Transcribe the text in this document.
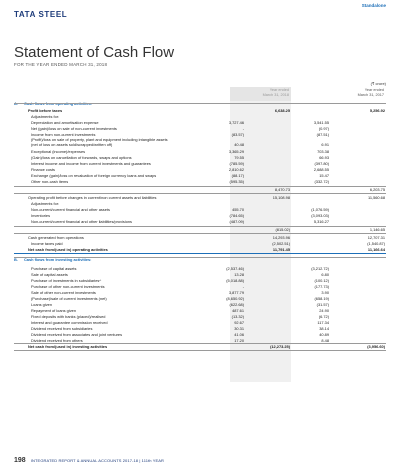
TATA STEEL
Standalone
Statement of Cash Flow
FOR THE YEAR ENDED MARCH 31, 2018
(₹ crore)
Year ended
March 31, 2018
Year ended
March 31, 2017
A. Cash flows from operating activities:
Profit before taxes	6,638.25	5,256.92
Adjustments for:
Depreciation and amortisation expense	3,727.46	3,541.55
Net (gain)/loss on sale of non-current investments	-	(0.97)
Income from non-current investments	(83.57)	(87.51)
(Profit)/loss on sale of property, plant and equipment including intangible assets
(net of loss on assets sold/scrapped/written off)	40.48	6.91
Exceptional (income)/expenses	3,365.29	703.38
(Gain)/loss on cancellation of forwards, swaps and options	79.55	66.93
Interest income and income from current investments and guarantees	(785.59)	(397.80)
Finance costs	2,810.62	2,688.55
Exchange (gain)/loss on revaluation of foreign currency loans and swaps	(88.17)	15.47
Other non-cash items	(595.35)	(332.72)
8,470.73	6,203.75
Operating profit before changes in current/non current assets and liabilities	15,108.98	11,560.68
Adjustments for:
Non-current/current financial and other assets	455.70	(1,076.59)
Inventories	(784.65)	(3,093.03)
Non-current/current financial and other liabilities/provisions	(487.09)	5,316.27
(815.02)	1,146.65
Cash generated from operations	14,293.96	12,707.31
Income taxes paid	(2,502.51)	(1,540.87)
Net cash from/(used in) operating activities	11,791.45	11,166.64
B. Cash flows from investing activities:
Purchase of capital assets	(2,537.46)	(3,212.72)
Sale of capital assets	13.28	6.80
Purchase of investments in subsidiaries^	(5,018.88)	(100.12)
Purchase of other non-current investments	-	(177.73)
Sale of other non-current investments	3,877.79	3.90
(Purchase)/sale of current investments (net)	(8,650.92)	(658.19)
Loans given	(622.68)	(31.57)
Repayment of loans given	487.61	24.90
Fixed deposits with banks (placed)/realised	(13.32)	(6.72)
Interest and guarantee commission received	92.67	117.34
Dividend received from subsidiaries	30.31	38.14
Dividend received from associates and joint ventures	41.06	40.89
Dividend received from others	17.20	8.48
Net cash from/(used in) investing activities	(12,273.25)	(3,956.60)
198 INTEGRATED REPORT & ANNUAL ACCOUNTS 2017-18 | 111th YEAR
